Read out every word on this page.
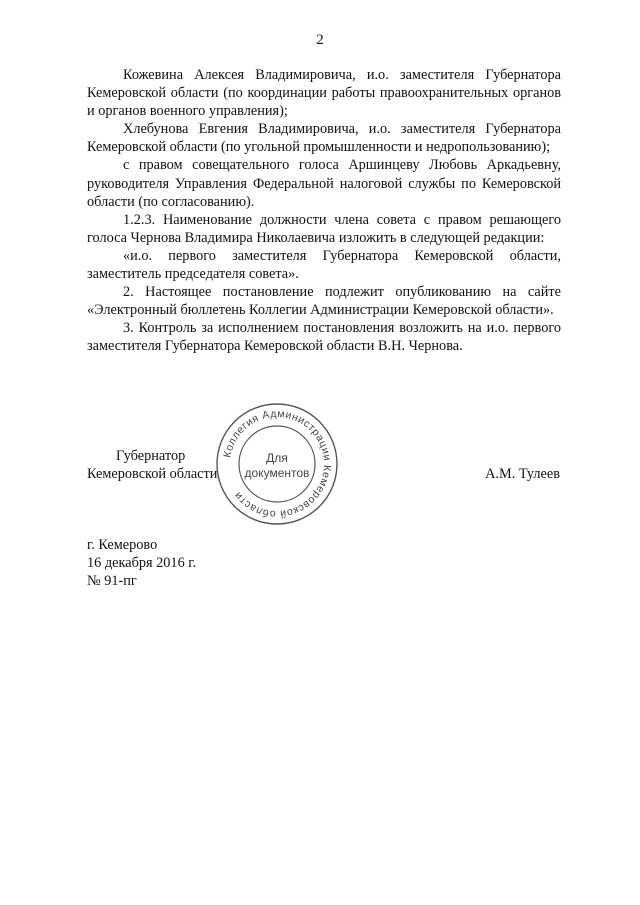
2

Кожевина Алексея Владимировича, и.о. заместителя Губернатора Кемеровской области (по координации работы правоохранительных органов и органов военного управления);

Хлебунова Евгения Владимировича, и.о. заместителя Губернатора Кемеровской области (по угольной промышленности и недропользованию);

с правом совещательного голоса Аршинцеву Любовь Аркадьевну, руководителя Управления Федеральной налоговой службы по Кемеровской области (по согласованию).

1.2.3. Наименование должности члена совета с правом решающего голоса Чернова Владимира Николаевича изложить в следующей редакции:

«и.о. первого заместителя Губернатора Кемеровской области, заместитель председателя совета».

2. Настоящее постановление подлежит опубликованию на сайте «Электронный бюллетень Коллегии Администрации Кемеровской области».

3. Контроль за исполнением постановления возложить на и.о. первого заместителя Губернатора Кемеровской области В.Н. Чернова.

Губернатор
Кемеровской области	А.М. Тулеев
Коллегия Администрации Кемеровской области
Для
документов
г. Кемерово
16 декабря 2016 г.
№ 91-пг
